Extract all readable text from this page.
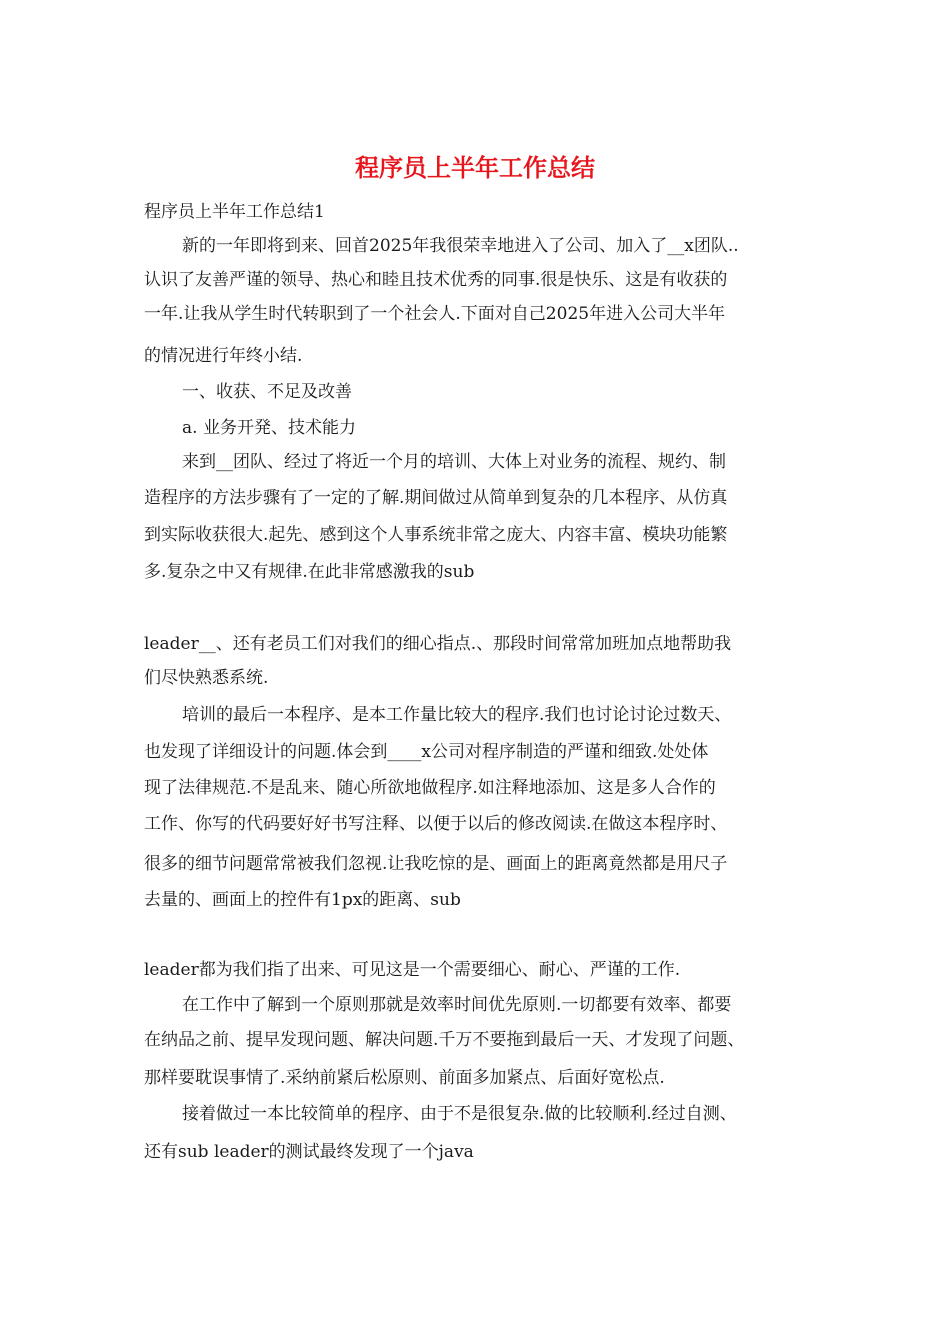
程序员上半年工作总结
程序员上半年工作总结1
新的一年即将到来、回首2025年我很荣幸地进入了公司、加入了__x团队..
认识了友善严谨的领导、热心和睦且技术优秀的同事.很是快乐、这是有收获的
一年.让我从学生时代转职到了一个社会人.下面对自己2025年进入公司大半年
的情况进行年终小结.
一、收获、不足及改善
a. 业务开発、技术能力
来到__团队、经过了将近一个月的培训、大体上对业务的流程、规约、制
造程序的方法步骤有了一定的了解.期间做过从简单到复杂的几本程序、从仿真
到实际收获很大.起先、感到这个人事系统非常之庞大、内容丰富、模块功能繁
多.复杂之中又有规律.在此非常感激我的sub
leader__、还有老员工们对我们的细心指点.、那段时间常常加班加点地帮助我
们尽快熟悉系统.
培训的最后一本程序、是本工作量比较大的程序.我们也讨论讨论过数天、
也发现了详细设计的问题.体会到____x公司对程序制造的严谨和细致.处处体
现了法律规范.不是乱来、随心所欲地做程序.如注释地添加、这是多人合作的
工作、你写的代码要好好书写注释、以便于以后的修改阅读.在做这本程序时、
很多的细节问题常常被我们忽视.让我吃惊的是、画面上的距离竟然都是用尺子
去量的、画面上的控件有1px的距离、sub
leader都为我们指了出来、可见这是一个需要细心、耐心、严谨的工作.
在工作中了解到一个原则那就是效率时间优先原则.一切都要有效率、都要
在纳品之前、提早发现问题、解决问题.千万不要拖到最后一天、才发现了问题、
那样要耽误事情了.采纳前紧后松原则、前面多加紧点、后面好宽松点.
接着做过一本比较简单的程序、由于不是很复杂.做的比较顺利.经过自测、
还有sub leader的测试最终发现了一个java
